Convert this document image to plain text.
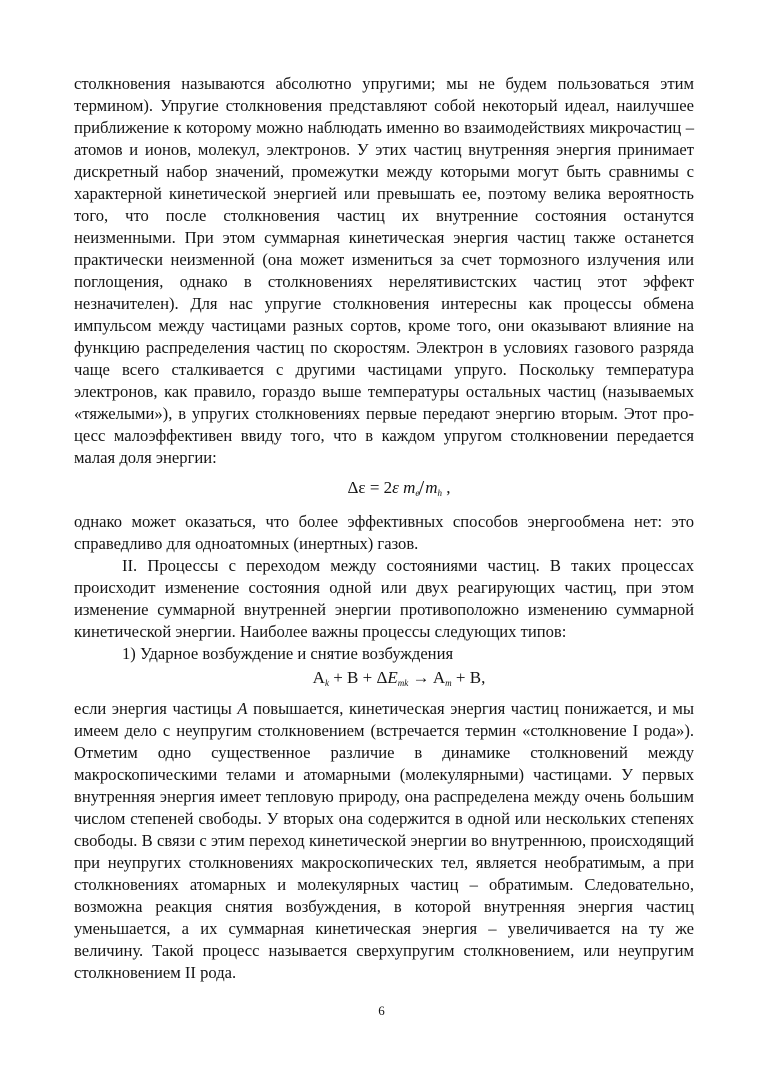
столкновения называются абсолютно упругими; мы не будем пользоваться этим термином). Упругие столкновения представляют собой некоторый идеал, наилучшее приближение к которому можно наблюдать именно во взаимодействиях микрочастиц – атомов и ионов, молекул, электронов. У этих частиц внутренняя энергия принимает дискретный набор значений, промежутки между которыми могут быть сравнимы с характерной кинетической энергией или превышать ее, поэтому велика вероятность того, что после столкновения частиц их внутренние состояния останутся неизменными. При этом суммарная кинетическая энергия частиц также останется практически неизменной (она может измениться за счет тормозного излучения или поглощения, однако в столкновениях нерелятивистских частиц этот эффект незначителен). Для нас упругие столкновения интересны как процессы обмена импульсом между частицами разных сортов, кроме того, они оказывают влияние на функцию распределения частиц по скоростям. Электрон в условиях газового разряда чаще всего сталкивается с другими частицами упруго. Поскольку температура электронов, как правило, гораздо выше температуры остальных частиц (называемых «тяжелыми»), в упругих столкновениях первые передают энергию вторым. Этот процесс малоэффективен ввиду того, что в каждом упругом столкновении передается малая доля энергии:

Δε = 2ε $m_e/m_h$ ,

однако может оказаться, что более эффективных способов энергообмена нет: это справедливо для одноатомных (инертных) газов.

II. Процессы с переходом между состояниями частиц. В таких процессах происходит изменение состояния одной или двух реагирующих частиц, при этом изменение суммарной внутренней энергии противоположно изменению суммарной кинетической энергии. Наиболее важны процессы следующих типов:

1) Ударное возбуждение и снятие возбуждения

$A_k + B + \Delta E_{mk} \to A_m + B$,

если энергия частицы A повышается, кинетическая энергия частиц понижается, и мы имеем дело с неупругим столкновением (встречается термин «столкновение I рода»). Отметим одно существенное различие в динамике столкновений между макроскопическими телами и атомарными (молекулярными) частицами. У первых внутренняя энергия имеет тепловую природу, она распределена между очень большим числом степеней свободы. У вторых она содержится в одной или нескольких степенях свободы. В связи с этим переход кинетической энергии во внутреннюю, происходящий при неупругих столкновениях макроскопических тел, является необратимым, а при столкновениях атомарных и молекулярных частиц – обратимым. Следовательно, возможна реакция снятия возбуждения, в которой внутренняя энергия частиц уменьшается, а их суммарная кинетическая энергия – увеличивается на ту же величину. Такой процесс называется сверхупругим столкновением, или неупругим столкновением II рода.

6
